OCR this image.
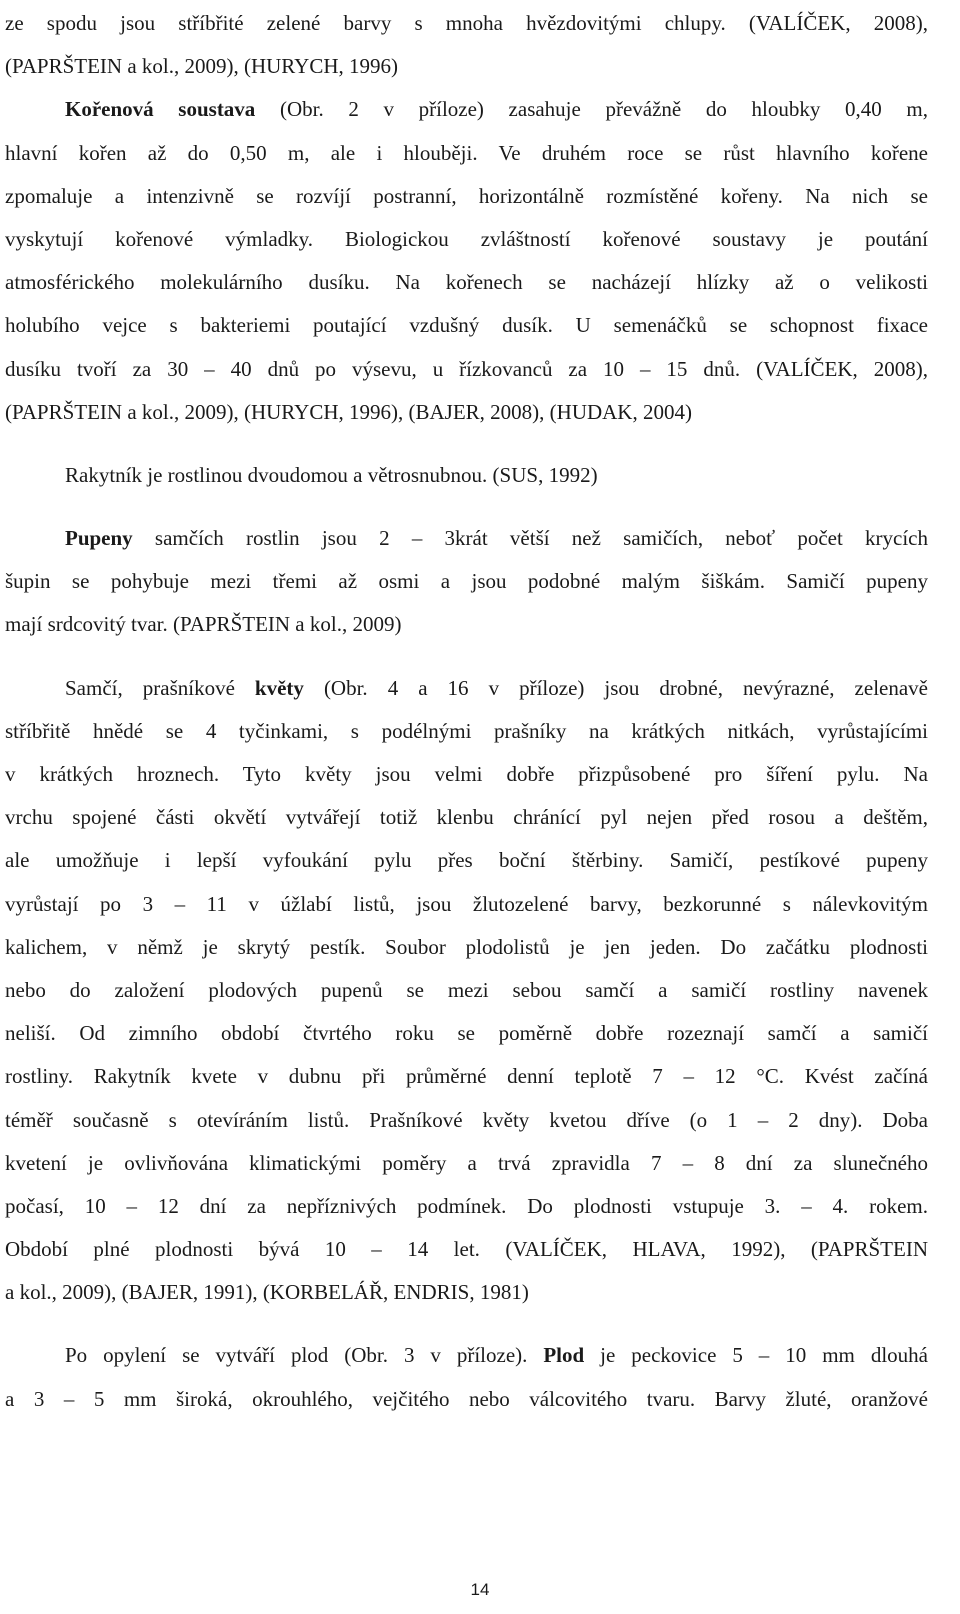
ze spodu jsou stříbřité zelené barvy s mnoha hvězdovitými chlupy. (VALÍČEK, 2008),
(PAPRŠTEIN a kol., 2009), (HURYCH, 1996)
Kořenová soustava (Obr. 2 v příloze) zasahuje převážně do hloubky 0,40 m,
hlavní kořen až do 0,50 m, ale i hlouběji. Ve druhém roce se růst hlavního kořene
zpomaluje a intenzivně se rozvíjí postranní, horizontálně rozmístěné kořeny. Na nich se
vyskytují kořenové výmladky. Biologickou zvláštností kořenové soustavy je poutání
atmosférického molekulárního dusíku. Na kořenech se nacházejí hlízky až o velikosti
holubího vejce s bakteriemi poutající vzdušný dusík. U semenáčků se schopnost fixace
dusíku tvoří za 30 – 40 dnů po výsevu, u řízkovanců za 10 – 15 dnů. (VALÍČEK, 2008),
(PAPRŠTEIN a kol., 2009), (HURYCH, 1996), (BAJER, 2008), (HUDAK, 2004)
Rakytník je rostlinou dvoudomou a větrosnubnou. (SUS, 1992)
Pupeny samčích rostlin jsou 2 – 3krát větší než samičích, neboť počet krycích
šupin se pohybuje mezi třemi až osmi a jsou podobné malým šiškám. Samičí pupeny
mají srdcovitý tvar. (PAPRŠTEIN a kol., 2009)
Samčí, prašníkové květy (Obr. 4 a 16 v příloze) jsou drobné, nevýrazné, zelenavě
stříbřitě hnědé se 4 tyčinkami, s podélnými prašníky na krátkých nitkách, vyrůstajícími
v krátkých hroznech. Tyto květy jsou velmi dobře přizpůsobené pro šíření pylu. Na
vrchu spojené části okvětí vytvářejí totiž klenbu chránící pyl nejen před rosou a deštěm,
ale umožňuje i lepší vyfoukání pylu přes boční štěrbiny. Samičí, pestíkové pupeny
vyrůstají po 3 – 11 v úžlabí listů, jsou žlutozelené barvy, bezkorunné s nálevkovitým
kalichem, v němž je skrytý pestík. Soubor plodolistů je jen jeden. Do začátku plodnosti
nebo do založení plodových pupenů se mezi sebou samčí a samičí rostliny navenek
neliší. Od zimního období čtvrtého roku se poměrně dobře rozeznají samčí a samičí
rostliny. Rakytník kvete v dubnu při průměrné denní teplotě 7 – 12 °C. Kvést začíná
téměř současně s otevíráním listů. Prašníkové květy kvetou dříve (o 1 – 2 dny). Doba
kvetení je ovlivňována klimatickými poměry a trvá zpravidla 7 – 8 dní za slunečného
počasí, 10 – 12 dní za nepříznivých podmínek. Do plodnosti vstupuje 3. – 4. rokem.
Období plné plodnosti bývá 10 – 14 let. (VALÍČEK, HLAVA, 1992), (PAPRŠTEIN
a kol., 2009), (BAJER, 1991), (KORBELÁŘ, ENDRIS, 1981)
Po opylení se vytváří plod (Obr. 3 v příloze). Plod je peckovice 5 – 10 mm dlouhá
a 3 – 5 mm široká, okrouhlého, vejčitého nebo válcovitého tvaru. Barvy žluté, oranžové
14
